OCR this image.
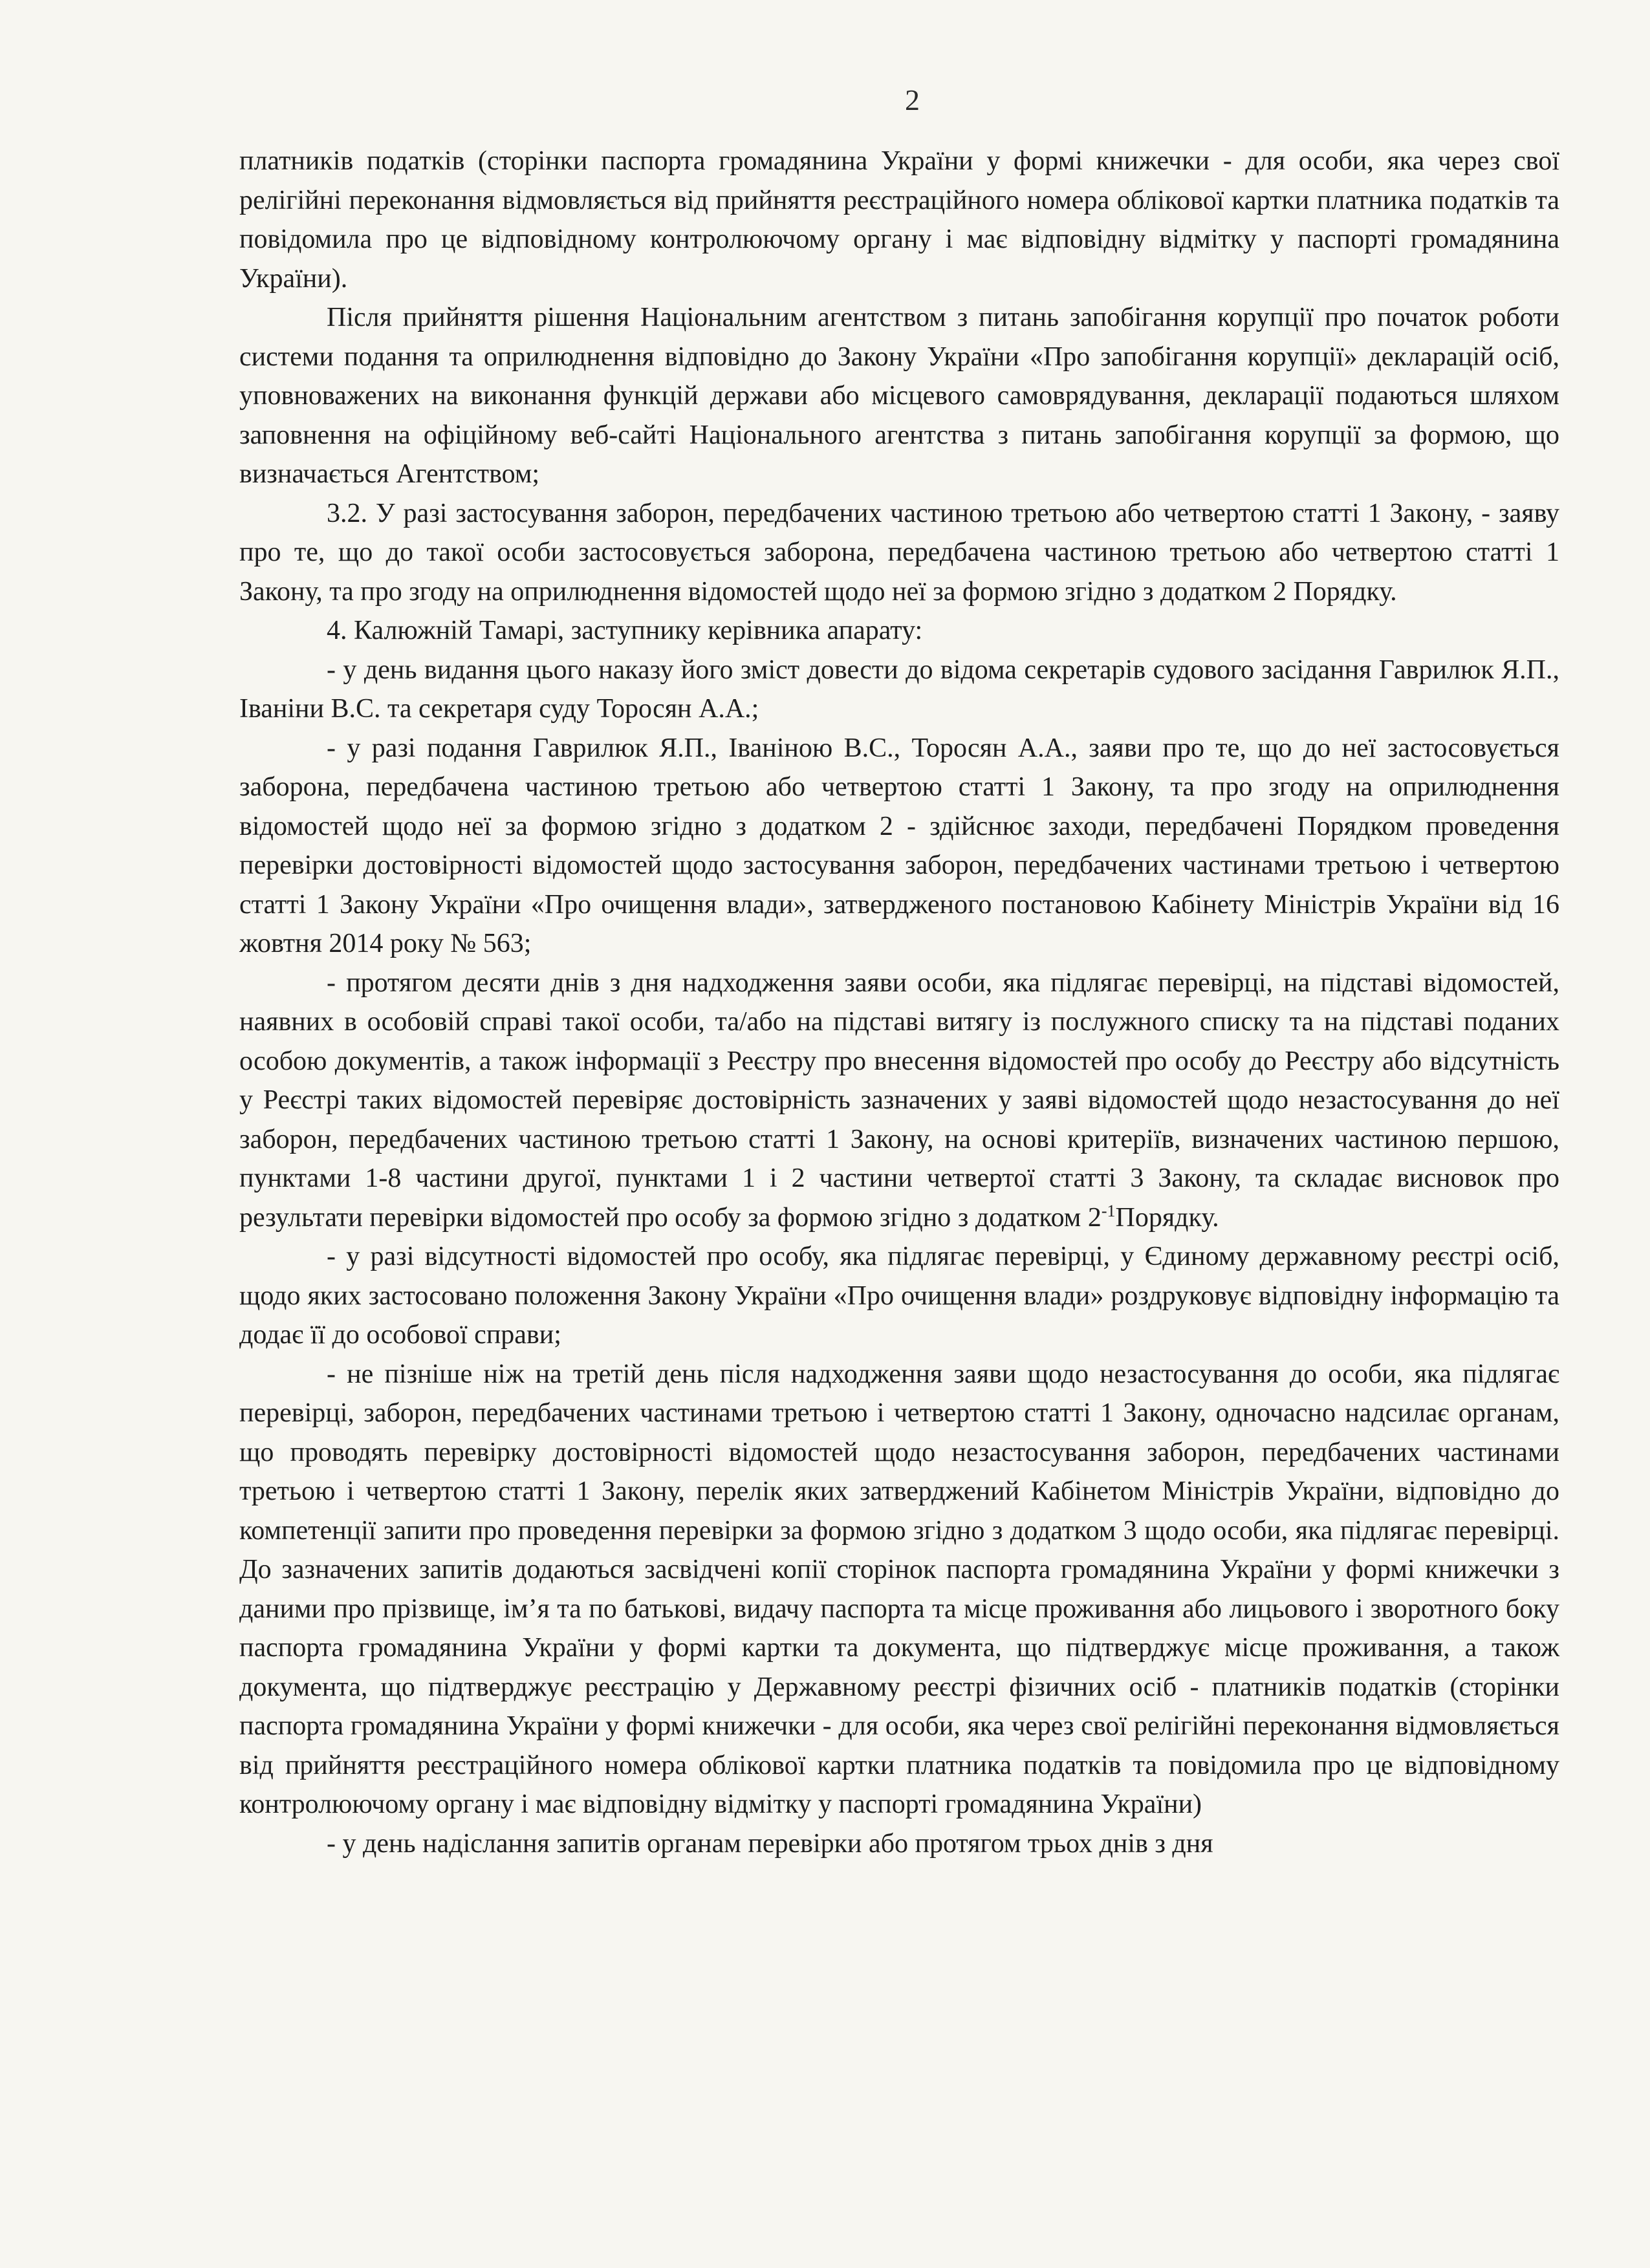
2

платників податків (сторінки паспорта громадянина України у формі книжечки - для особи, яка через свої релігійні переконання відмовляється від прийняття реєстраційного номера облікової картки платника податків та повідомила про це відповідному контролюючому органу і має відповідну відмітку у паспорті громадянина України).

Після прийняття рішення Національним агентством з питань запобігання корупції про початок роботи системи подання та оприлюднення відповідно до Закону України «Про запобігання корупції» декларацій осіб, уповноважених на виконання функцій держави або місцевого самоврядування, декларації подаються шляхом заповнення на офіційному веб-сайті Національного агентства з питань запобігання корупції за формою, що визначається Агентством;

3.2. У разі застосування заборон, передбачених частиною третьою або четвертою статті 1 Закону, - заяву про те, що до такої особи застосовується заборона, передбачена частиною третьою або четвертою статті 1 Закону, та про згоду на оприлюднення відомостей щодо неї за формою згідно з додатком 2 Порядку.

4. Калюжній Тамарі, заступнику керівника апарату:

- у день видання цього наказу його зміст довести до відома секретарів судового засідання Гаврилюк Я.П., Іваніни В.С. та секретаря суду Торосян А.А.;

- у разі подання Гаврилюк Я.П., Іваніною В.С., Торосян А.А., заяви про те, що до неї застосовується заборона, передбачена частиною третьою або четвертою статті 1 Закону, та про згоду на оприлюднення відомостей щодо неї за формою згідно з додатком 2 - здійснює заходи, передбачені Порядком проведення перевірки достовірності відомостей щодо застосування заборон, передбачених частинами третьою і четвертою статті 1 Закону України «Про очищення влади», затвердженого постановою Кабінету Міністрів України від 16 жовтня 2014 року № 563;

- протягом десяти днів з дня надходження заяви особи, яка підлягає перевірці, на підставі відомостей, наявних в особовій справі такої особи, та/або на підставі витягу із послужного списку та на підставі поданих особою документів, а також інформації з Реєстру про внесення відомостей про особу до Реєстру або відсутність у Реєстрі таких відомостей перевіряє достовірність зазначених у заяві відомостей щодо незастосування до неї заборон, передбачених частиною третьою статті 1 Закону, на основі критеріїв, визначених частиною першою, пунктами 1-8 частини другої, пунктами 1 і 2 частини четвертої статті 3 Закону, та складає висновок про результати перевірки відомостей про особу за формою згідно з додатком $2^{-1}Порядку$.

- у разі відсутності відомостей про особу, яка підлягає перевірці, у Єдиному державному реєстрі осіб, щодо яких застосовано положення Закону України «Про очищення влади» роздруковує відповідну інформацію та додає її до особової справи;

- не пізніше ніж на третій день після надходження заяви щодо незастосування до особи, яка підлягає перевірці, заборон, передбачених частинами третьою і четвертою статті 1 Закону, одночасно надсилає органам, що проводять перевірку достовірності відомостей щодо незастосування заборон, передбачених частинами третьою і четвертою статті 1 Закону, перелік яких затверджений Кабінетом Міністрів України, відповідно до компетенції запити про проведення перевірки за формою згідно з додатком 3 щодо особи, яка підлягає перевірці. До зазначених запитів додаються засвідчені копії сторінок паспорта громадянина України у формі книжечки з даними про прізвище, ім’я та по батькові, видачу паспорта та місце проживання або лицьового і зворотного боку паспорта громадянина України у формі картки та документа, що підтверджує місце проживання, а також документа, що підтверджує реєстрацію у Державному реєстрі фізичних осіб - платників податків (сторінки паспорта громадянина України у формі книжечки - для особи, яка через свої релігійні переконання відмовляється від прийняття реєстраційного номера облікової картки платника податків та повідомила про це відповідному контролюючому органу і має відповідну відмітку у паспорті громадянина України)

- у день надіслання запитів органам перевірки або протягом трьох днів з дня
